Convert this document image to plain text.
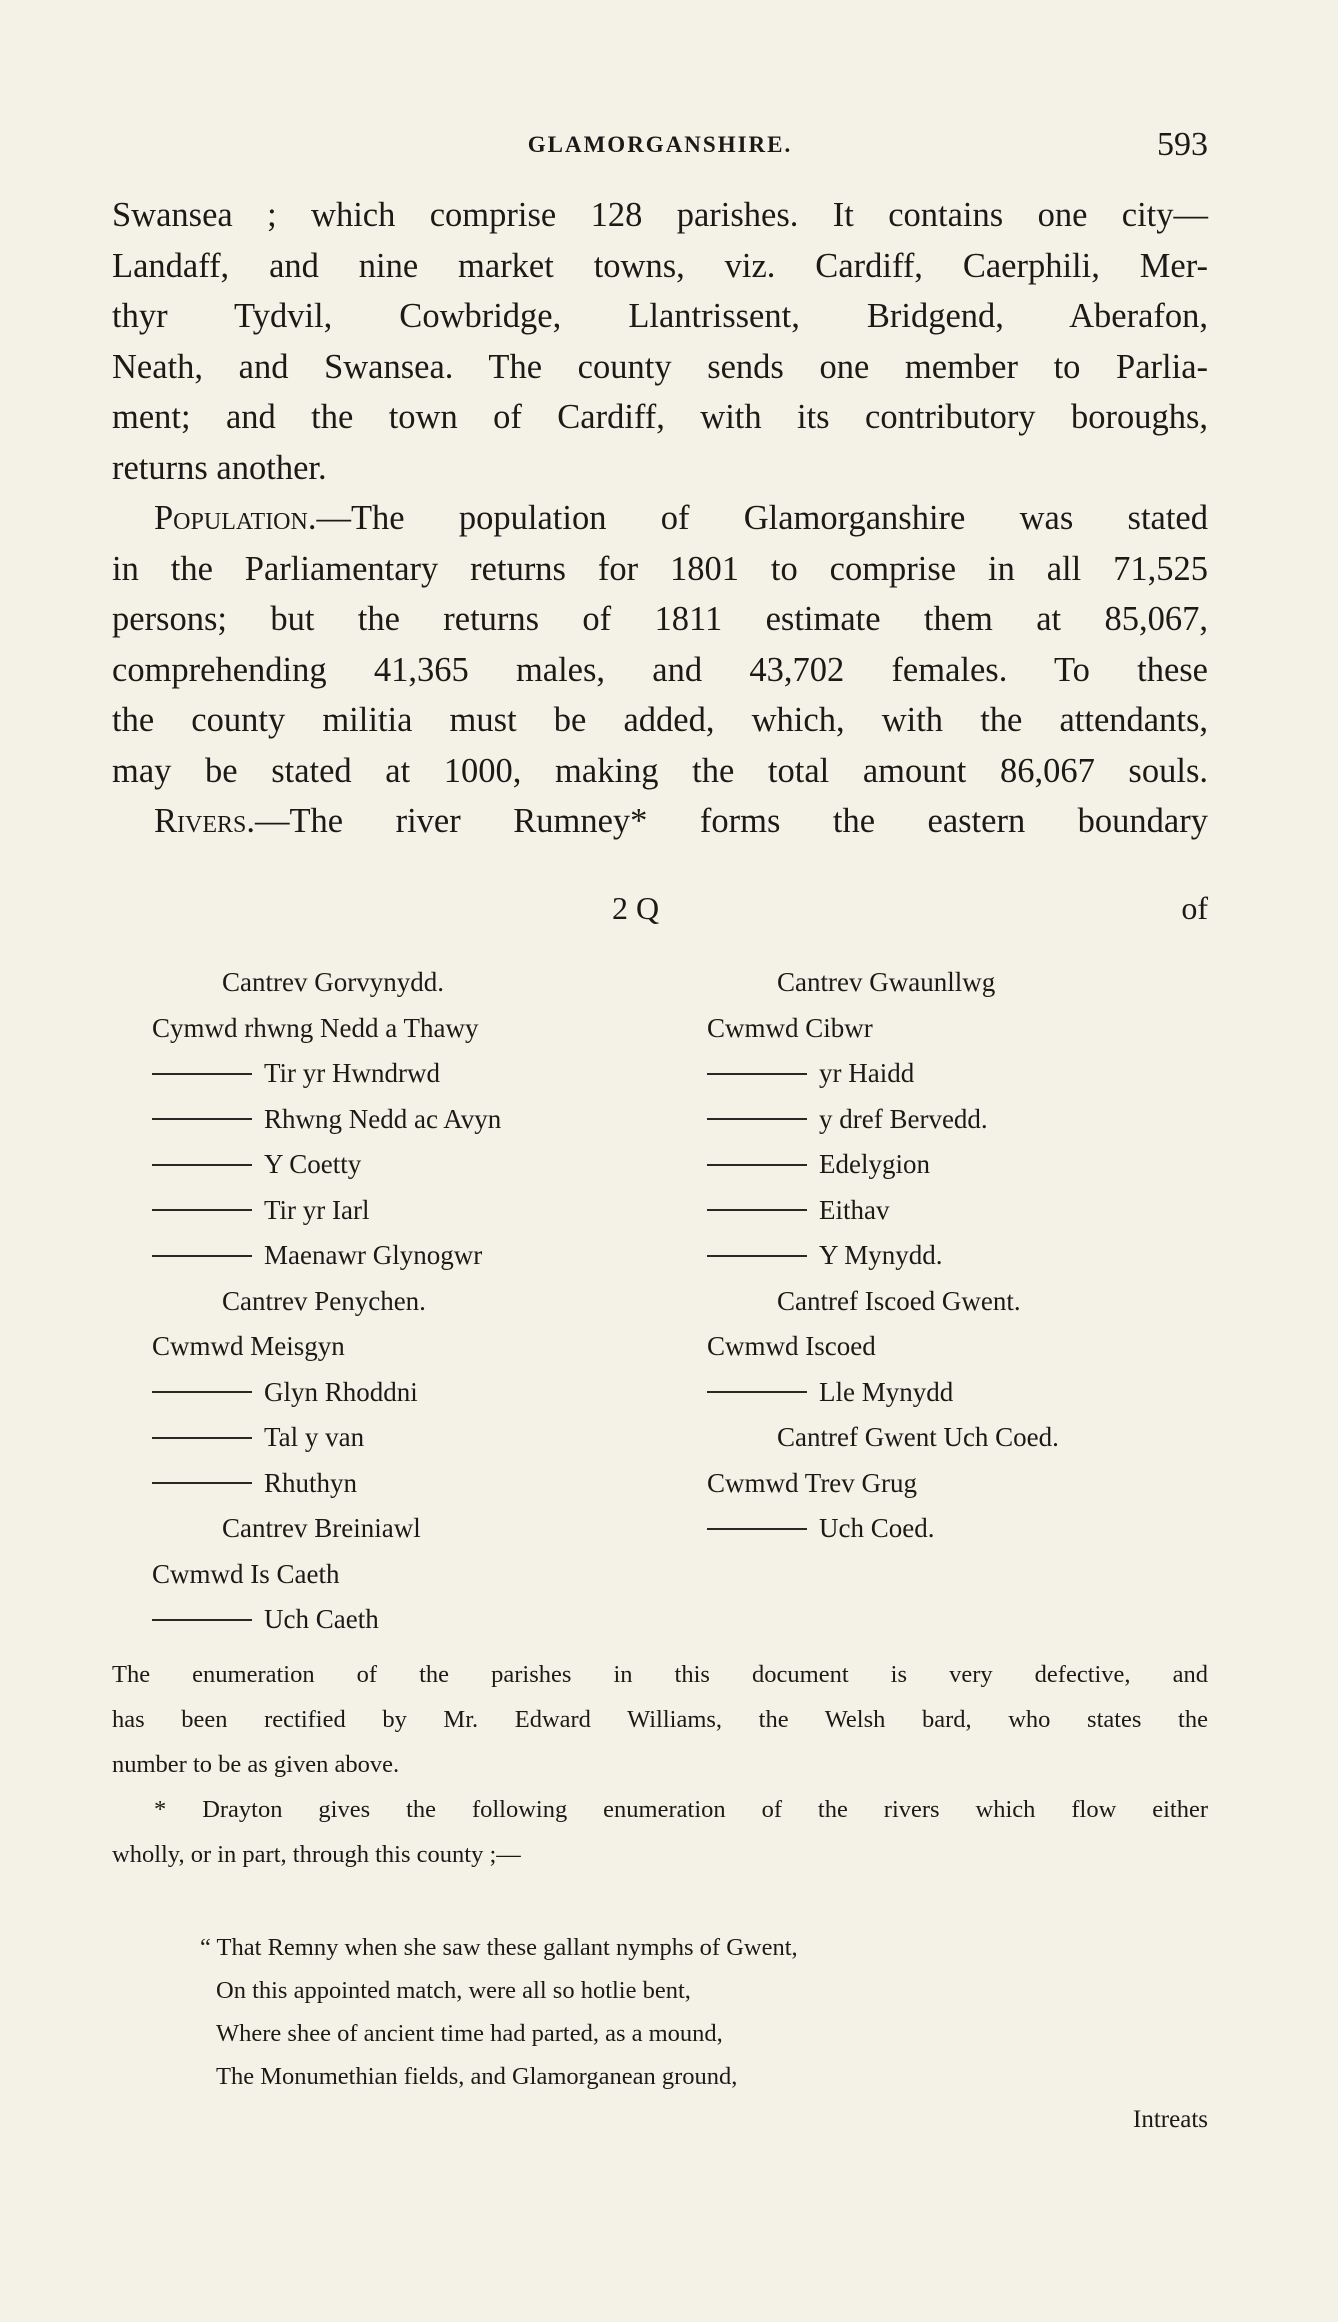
GLAMORGANSHIRE.	593
Swansea ; which comprise 128 parishes. It contains one city—
Landaff, and nine market towns, viz. Cardiff, Caerphili, Mer-
thyr Tydvil, Cowbridge, Llantrissent, Bridgend, Aberafon,
Neath, and Swansea. The county sends one member to Parlia-
ment; and the town of Cardiff, with its contributory boroughs,
returns another.
Population.—The population of Glamorganshire was stated
in the Parliamentary returns for 1801 to comprise in all 71,525
persons; but the returns of 1811 estimate them at 85,067,
comprehending 41,365 males, and 43,702 females. To these
the county militia must be added, which, with the attendants,
may be stated at 1000, making the total amount 86,067 souls.
Rivers.—The river Rumney* forms the eastern boundary
2 Q	of
Cantrev Gorvynydd.
Cymwd rhwng Nedd a Thawy
Tir yr Hwndrwd
Rhwng Nedd ac Avyn
Y Coetty
Tir yr Iarl
Maenawr Glynogwr
Cantrev Penychen.
Cwmwd Meisgyn
Glyn Rhoddni
Tal y van
Rhuthyn
Cantrev Breiniawl
Cwmwd Is Caeth
Uch Caeth
Cantrev Gwaunllwg
Cwmwd Cibwr
yr Haidd
y dref Bervedd.
Edelygion
Eithav
Y Mynydd.
Cantref Iscoed Gwent.
Cwmwd Iscoed
Lle Mynydd
Cantref Gwent Uch Coed.
Cwmwd Trev Grug
Uch Coed.
The enumeration of the parishes in this document is very defective, and
has been rectified by Mr. Edward Williams, the Welsh bard, who states the
number to be as given above.
* Drayton gives the following enumeration of the rivers which flow either
wholly, or in part, through this county ;—
“ That Remny when she saw these gallant nymphs of Gwent,
On this appointed match, were all so hotlie bent,
Where shee of ancient time had parted, as a mound,
The Monumethian fields, and Glamorganean ground,
Intreats
